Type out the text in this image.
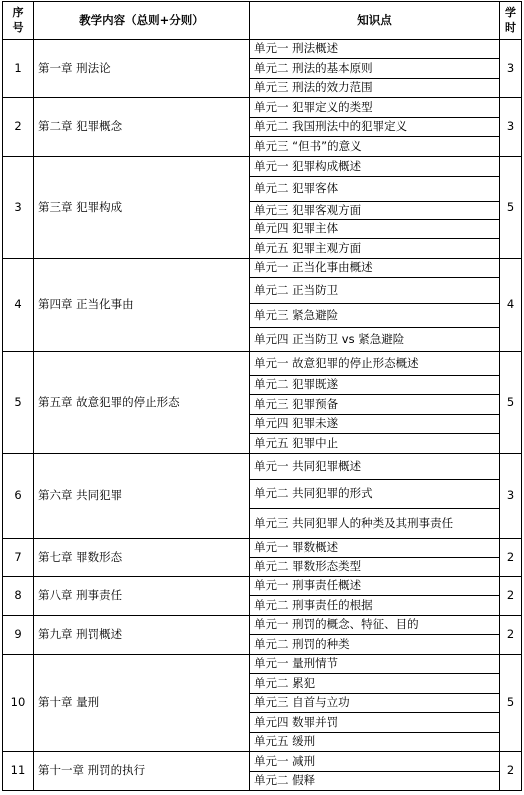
序号	教学内容（总则+分则）	知识点	学时
1	第一章 刑法论	单元一 刑法概述	3
		单元二 刑法的基本原则	
		单元三 刑法的效力范围	
2	第二章 犯罪概念	单元一 犯罪定义的类型	3
		单元二 我国刑法中的犯罪定义	
		单元三 “但书”的意义	
3	第三章 犯罪构成	单元一 犯罪构成概述	5
		单元二 犯罪客体	
		单元三 犯罪客观方面	
		单元四 犯罪主体	
		单元五 犯罪主观方面	
4	第四章 正当化事由	单元一 正当化事由概述	4
		单元二 正当防卫	
		单元三 紧急避险	
		单元四 正当防卫 vs 紧急避险	
5	第五章 故意犯罪的停止形态	单元一 故意犯罪的停止形态概述	5
		单元二 犯罪既遂	
		单元三 犯罪预备	
		单元四 犯罪未遂	
		单元五 犯罪中止	
6	第六章 共同犯罪	单元一 共同犯罪概述	3
		单元二 共同犯罪的形式	
		单元三 共同犯罪人的种类及其刑事责任	
7	第七章 罪数形态	单元一 罪数概述	2
		单元二 罪数形态类型	
8	第八章 刑事责任	单元一 刑事责任概述	2
		单元二 刑事责任的根据	
9	第九章 刑罚概述	单元一 刑罚的概念、特征、目的	2
		单元二 刑罚的种类	
10	第十章 量刑	单元一 量刑情节	5
		单元二 累犯	
		单元三 自首与立功	
		单元四 数罪并罚	
		单元五 缓刑	
11	第十一章 刑罚的执行	单元一 减刑	2
		单元二 假释	
